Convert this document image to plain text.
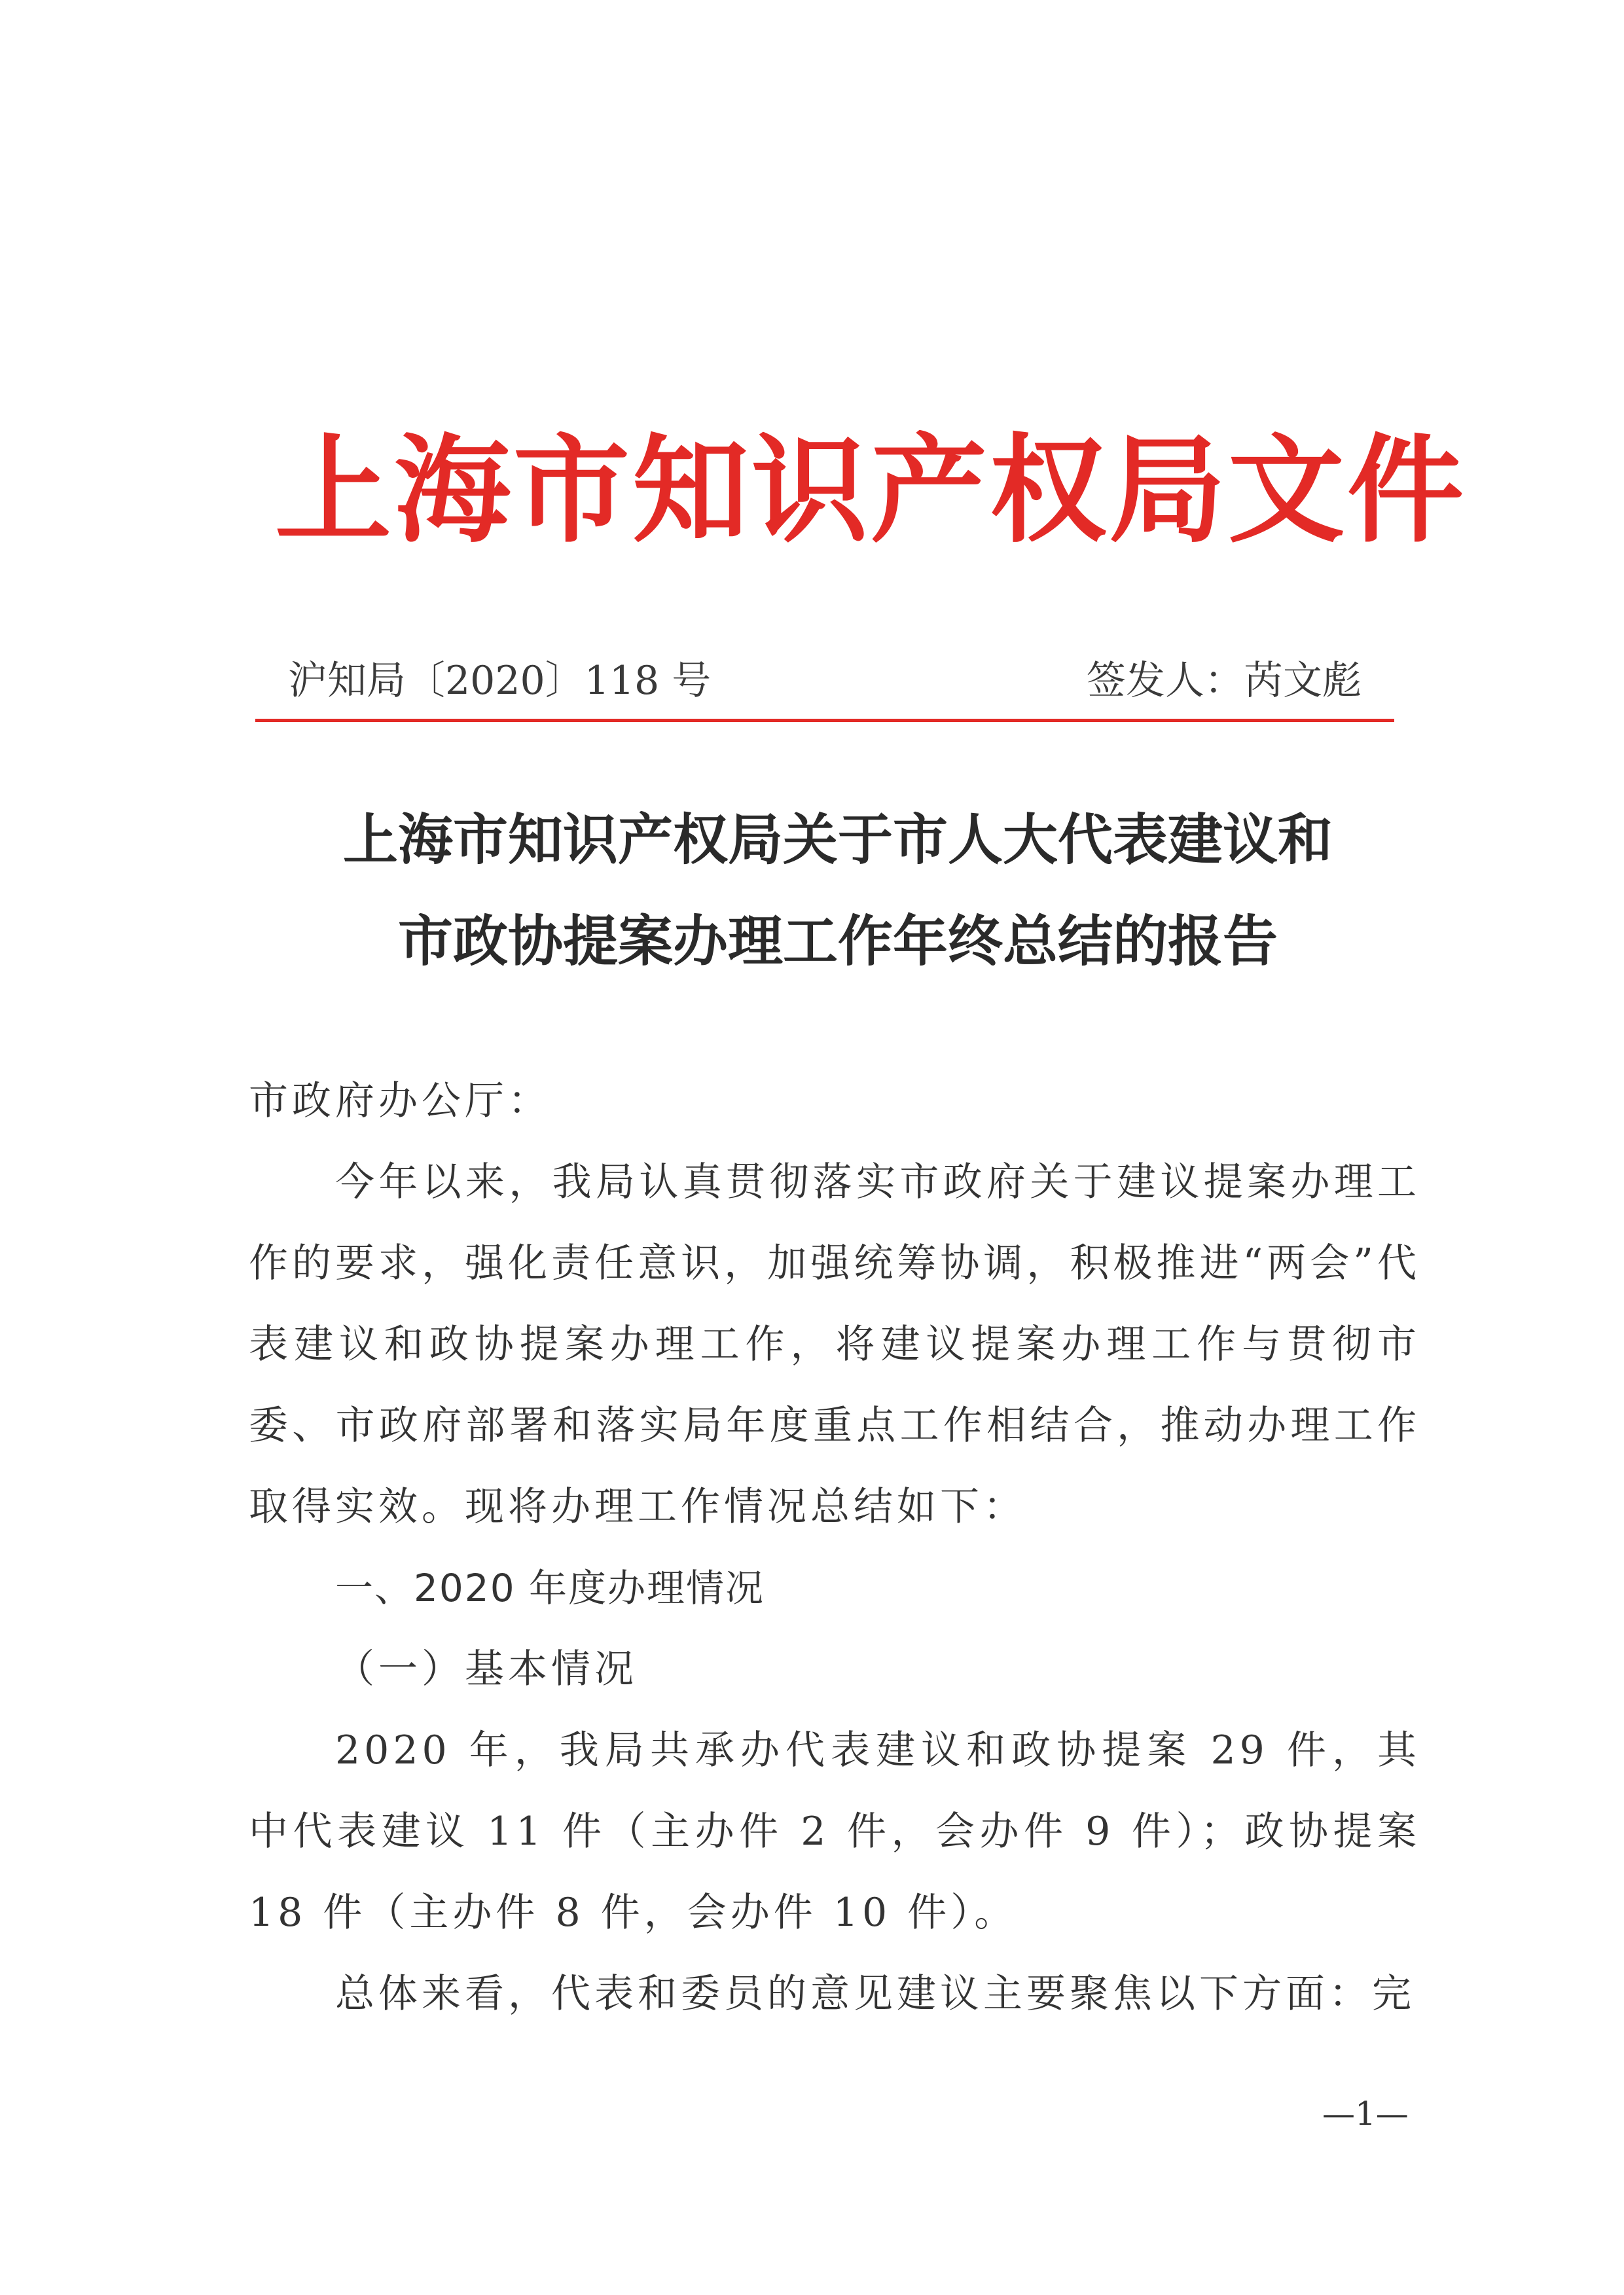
上海市知识产权局文件
沪知局〔2020〕118 号	签发人：芮文彪
上海市知识产权局关于市人大代表建议和
市政协提案办理工作年终总结的报告

市政府办公厅：

今年以来，我局认真贯彻落实市政府关于建议提案办理工作的要求，强化责任意识，加强统筹协调，积极推进“两会”代表建议和政协提案办理工作，将建议提案办理工作与贯彻市委、市政府部署和落实局年度重点工作相结合，推动办理工作取得实效。现将办理工作情况总结如下：

一、2020 年度办理情况

（一）基本情况

2020 年，我局共承办代表建议和政协提案 29 件，其中代表建议 11 件（主办件 2 件，会办件 9 件）；政协提案 18 件（主办件 8 件，会办件 10 件）。

总体来看，代表和委员的意见建议主要聚焦以下方面：完

—1—
